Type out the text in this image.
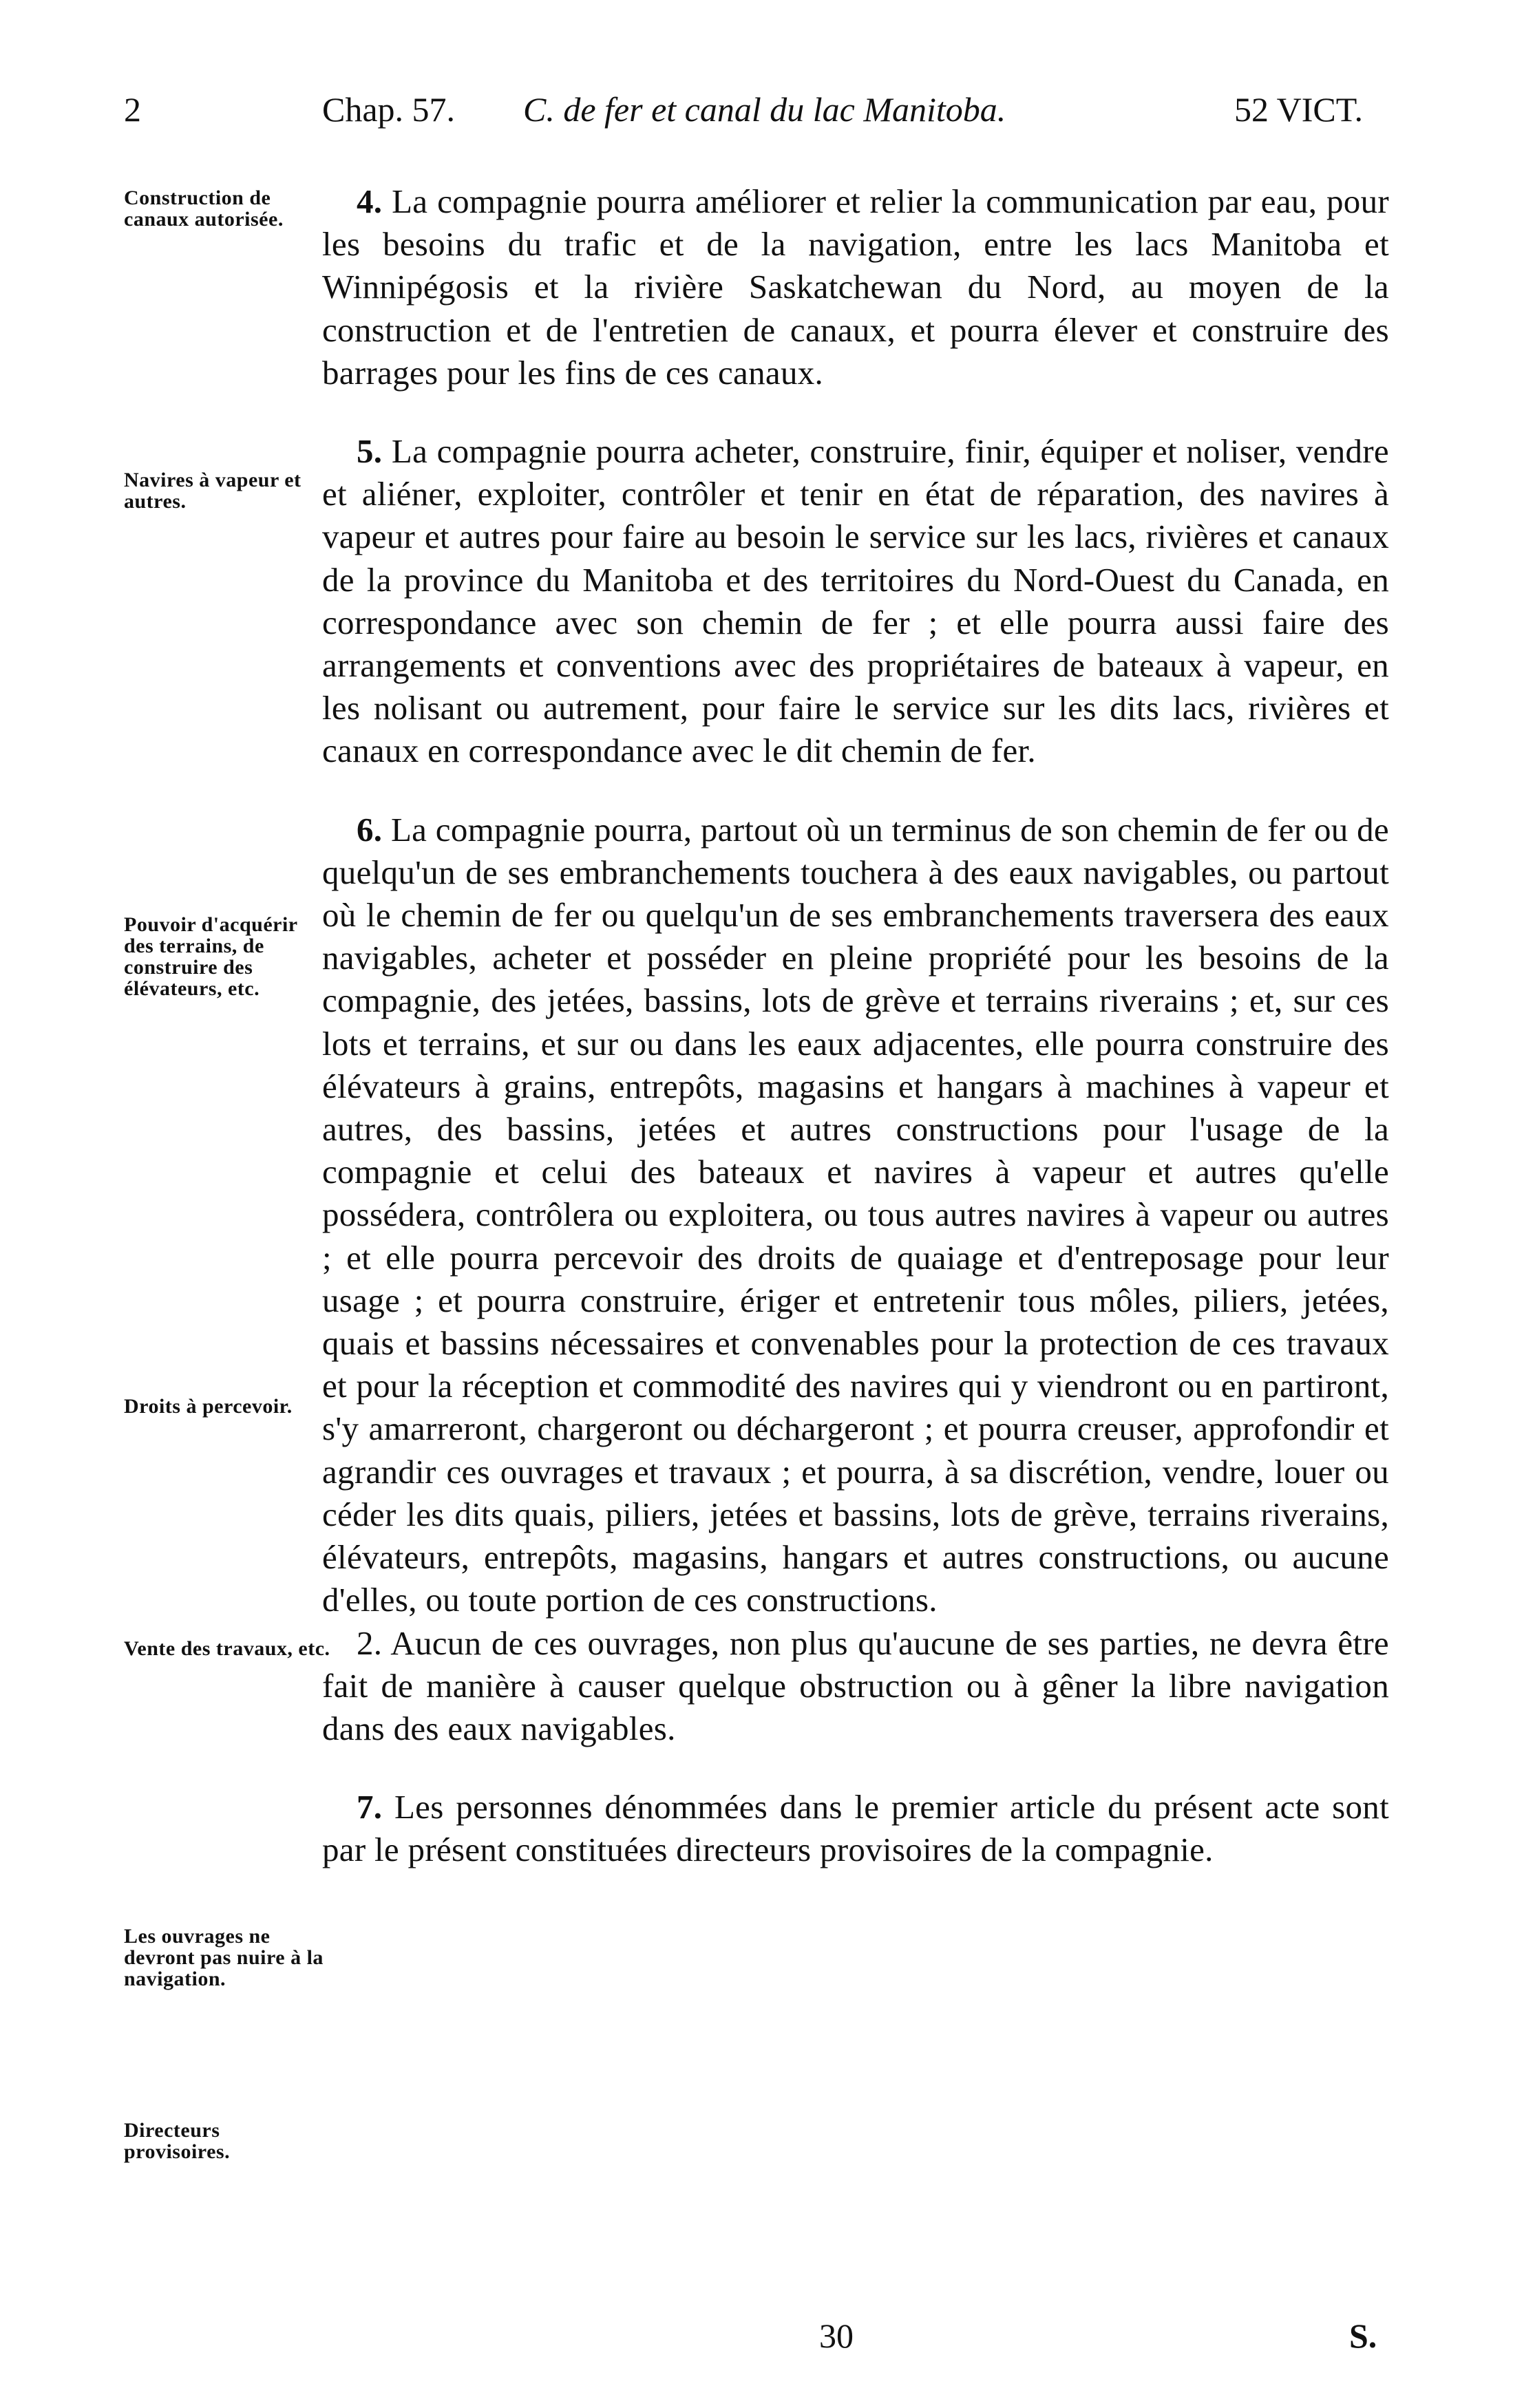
2	Chap. 57. C. de fer et canal du lac Manitoba.	52 VICT.
Construction de canaux autorisée.
Navires à vapeur et autres.
Pouvoir d'acquérir des terrains, de construire des élévateurs, etc.
Droits à percevoir.
Vente des travaux, etc.
Les ouvrages ne devront pas nuire à la navigation.
Directeurs provisoires.

4. La compagnie pourra améliorer et relier la communication par eau, pour les besoins du trafic et de la navigation, entre les lacs Manitoba et Winnipégosis et la rivière Saskatchewan du Nord, au moyen de la construction et de l'entretien de canaux, et pourra élever et construire des barrages pour les fins de ces canaux.

5. La compagnie pourra acheter, construire, finir, équiper et noliser, vendre et aliéner, exploiter, contrôler et tenir en état de réparation, des navires à vapeur et autres pour faire au besoin le service sur les lacs, rivières et canaux de la province du Manitoba et des territoires du Nord-Ouest du Canada, en correspondance avec son chemin de fer ; et elle pourra aussi faire des arrangements et conventions avec des propriétaires de bateaux à vapeur, en les nolisant ou autrement, pour faire le service sur les dits lacs, rivières et canaux en correspondance avec le dit chemin de fer.

6. La compagnie pourra, partout où un terminus de son chemin de fer ou de quelqu'un de ses embranchements touchera à des eaux navigables, ou partout où le chemin de fer ou quelqu'un de ses embranchements traversera des eaux navigables, acheter et posséder en pleine propriété pour les besoins de la compagnie, des jetées, bassins, lots de grève et terrains riverains ; et, sur ces lots et terrains, et sur ou dans les eaux adjacentes, elle pourra construire des élévateurs à grains, entrepôts, magasins et hangars à machines à vapeur et autres, des bassins, jetées et autres constructions pour l'usage de la compagnie et celui des bateaux et navires à vapeur et autres qu'elle possédera, contrôlera ou exploitera, ou tous autres navires à vapeur ou autres ; et elle pourra percevoir des droits de quaiage et d'entreposage pour leur usage ; et pourra construire, ériger et entretenir tous môles, piliers, jetées, quais et bassins nécessaires et convenables pour la protection de ces travaux et pour la réception et commodité des navires qui y viendront ou en partiront, s'y amarreront, chargeront ou déchargeront ; et pourra creuser, approfondir et agrandir ces ouvrages et travaux ; et pourra, à sa discrétion, vendre, louer ou céder les dits quais, piliers, jetées et bassins, lots de grève, terrains riverains, élévateurs, entrepôts, magasins, hangars et autres constructions, ou aucune d'elles, ou toute portion de ces constructions.

2. Aucun de ces ouvrages, non plus qu'aucune de ses parties, ne devra être fait de manière à causer quelque obstruction ou à gêner la libre navigation dans des eaux navigables.

7. Les personnes dénommées dans le premier article du présent acte sont par le présent constituées directeurs provisoires de la compagnie.

30	S.
